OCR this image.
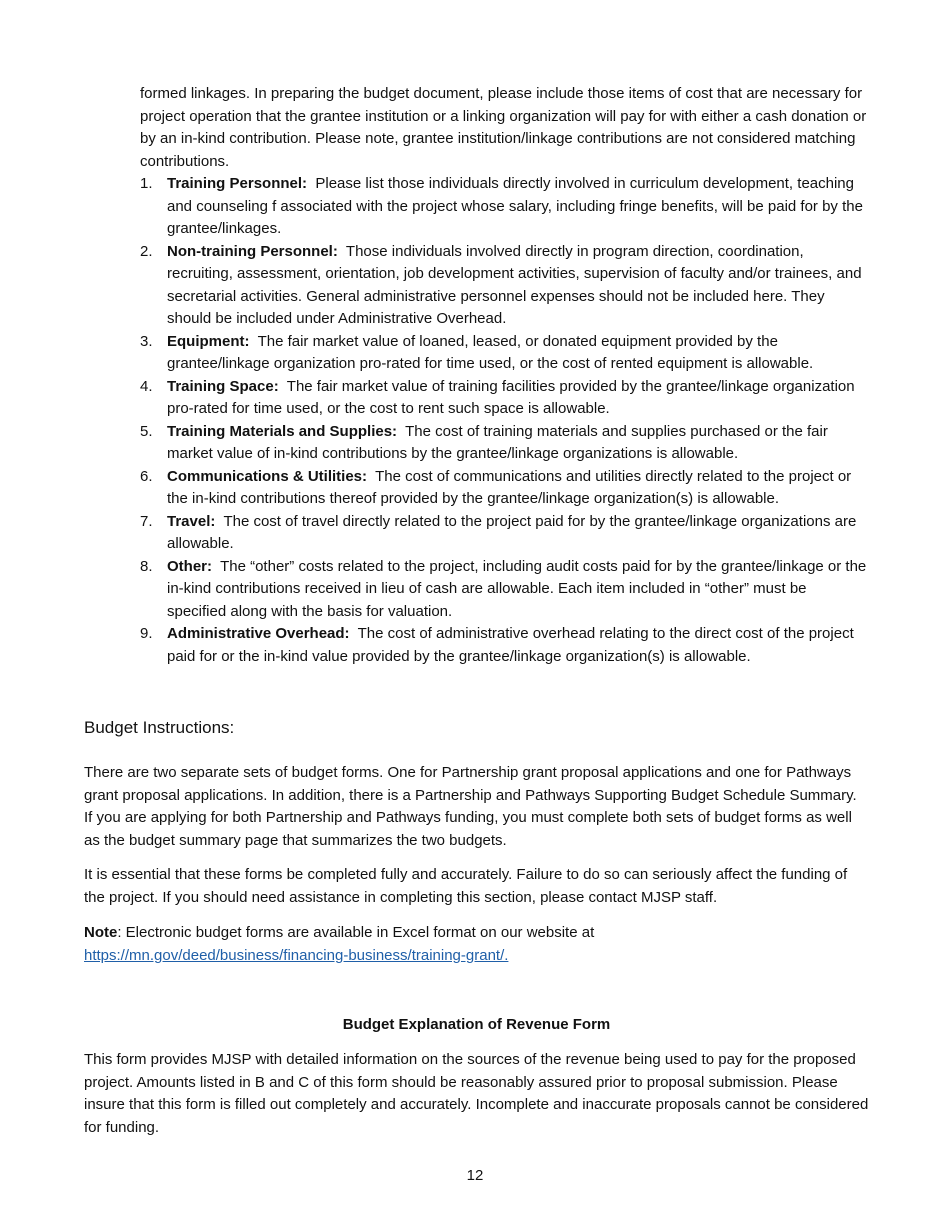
formed linkages. In preparing the budget document, please include those items of cost that are necessary for project operation that the grantee institution or a linking organization will pay for with either a cash donation or by an in-kind contribution. Please note, grantee institution/linkage contributions are not considered matching contributions.

1. Training Personnel: Please list those individuals directly involved in curriculum development, teaching and counseling f associated with the project whose salary, including fringe benefits, will be paid for by the grantee/linkages.
2. Non-training Personnel: Those individuals involved directly in program direction, coordination, recruiting, assessment, orientation, job development activities, supervision of faculty and/or trainees, and secretarial activities. General administrative personnel expenses should not be included here. They should be included under Administrative Overhead.
3. Equipment: The fair market value of loaned, leased, or donated equipment provided by the grantee/linkage organization pro-rated for time used, or the cost of rented equipment is allowable.
4. Training Space: The fair market value of training facilities provided by the grantee/linkage organization pro-rated for time used, or the cost to rent such space is allowable.
5. Training Materials and Supplies: The cost of training materials and supplies purchased or the fair market value of in-kind contributions by the grantee/linkage organizations is allowable.
6. Communications & Utilities: The cost of communications and utilities directly related to the project or the in-kind contributions thereof provided by the grantee/linkage organization(s) is allowable.
7. Travel: The cost of travel directly related to the project paid for by the grantee/linkage organizations are allowable.
8. Other: The “other” costs related to the project, including audit costs paid for by the grantee/linkage or the in-kind contributions received in lieu of cash are allowable. Each item included in “other” must be specified along with the basis for valuation.
9. Administrative Overhead: The cost of administrative overhead relating to the direct cost of the project paid for or the in-kind value provided by the grantee/linkage organization(s) is allowable.
Budget Instructions:

There are two separate sets of budget forms. One for Partnership grant proposal applications and one for Pathways grant proposal applications. In addition, there is a Partnership and Pathways Supporting Budget Schedule Summary. If you are applying for both Partnership and Pathways funding, you must complete both sets of budget forms as well as the budget summary page that summarizes the two budgets.

It is essential that these forms be completed fully and accurately. Failure to do so can seriously affect the funding of the project. If you should need assistance in completing this section, please contact MJSP staff.

Note: Electronic budget forms are available in Excel format on our website at
https://mn.gov/deed/business/financing-business/training-grant/.

Budget Explanation of Revenue Form

This form provides MJSP with detailed information on the sources of the revenue being used to pay for the proposed project. Amounts listed in B and C of this form should be reasonably assured prior to proposal submission. Please insure that this form is filled out completely and accurately. Incomplete and inaccurate proposals cannot be considered for funding.

12
